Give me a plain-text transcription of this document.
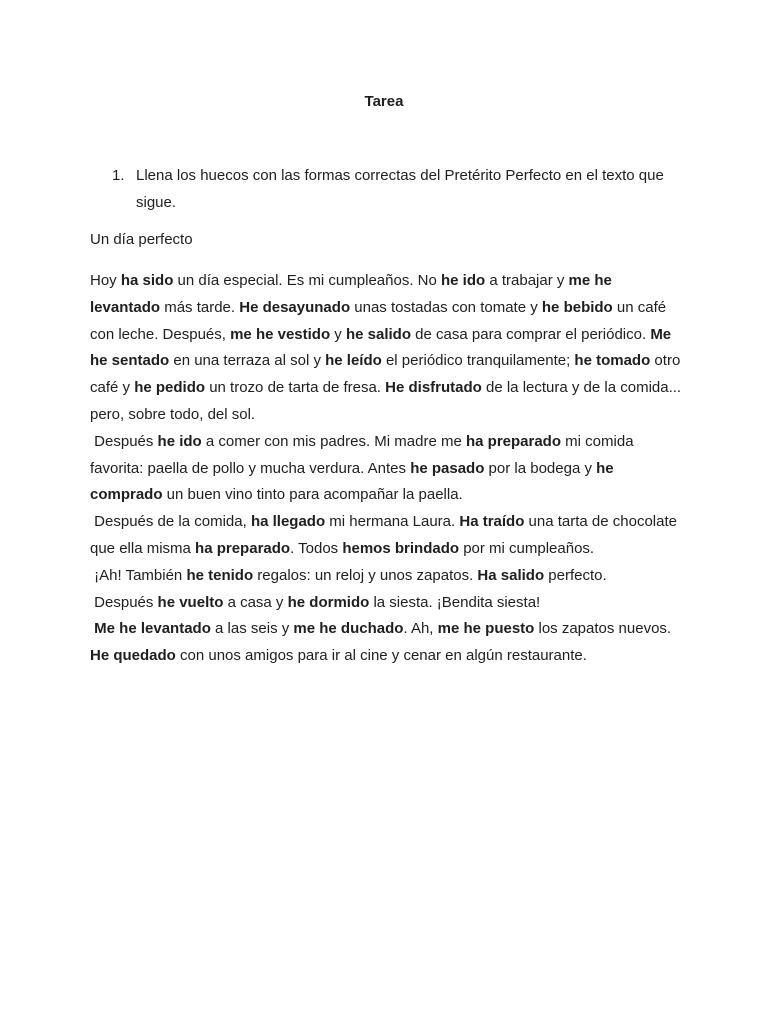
Tarea
1. Llena los huecos con las formas correctas del Pretérito Perfecto en el texto que sigue.
Un día perfecto

Hoy ha sido un día especial. Es mi cumpleaños. No he ido a trabajar y me he levantado más tarde. He desayunado unas tostadas con tomate y he bebido un café con leche. Después, me he vestido y he salido de casa para comprar el periódico. Me he sentado en una terraza al sol y he leído el periódico tranquilamente; he tomado otro café y he pedido un trozo de tarta de fresa. He disfrutado de la lectura y de la comida... pero, sobre todo, del sol.

Después he ido a comer con mis padres. Mi madre me ha preparado mi comida favorita: paella de pollo y mucha verdura. Antes he pasado por la bodega y he comprado un buen vino tinto para acompañar la paella.

Después de la comida, ha llegado mi hermana Laura. Ha traído una tarta de chocolate que ella misma ha preparado. Todos hemos brindado por mi cumpleaños.

¡Ah! También he tenido regalos: un reloj y unos zapatos. Ha salido perfecto.

Después he vuelto a casa y he dormido la siesta. ¡Bendita siesta!

Me he levantado a las seis y me he duchado. Ah, me he puesto los zapatos nuevos. He quedado con unos amigos para ir al cine y cenar en algún restaurante.
